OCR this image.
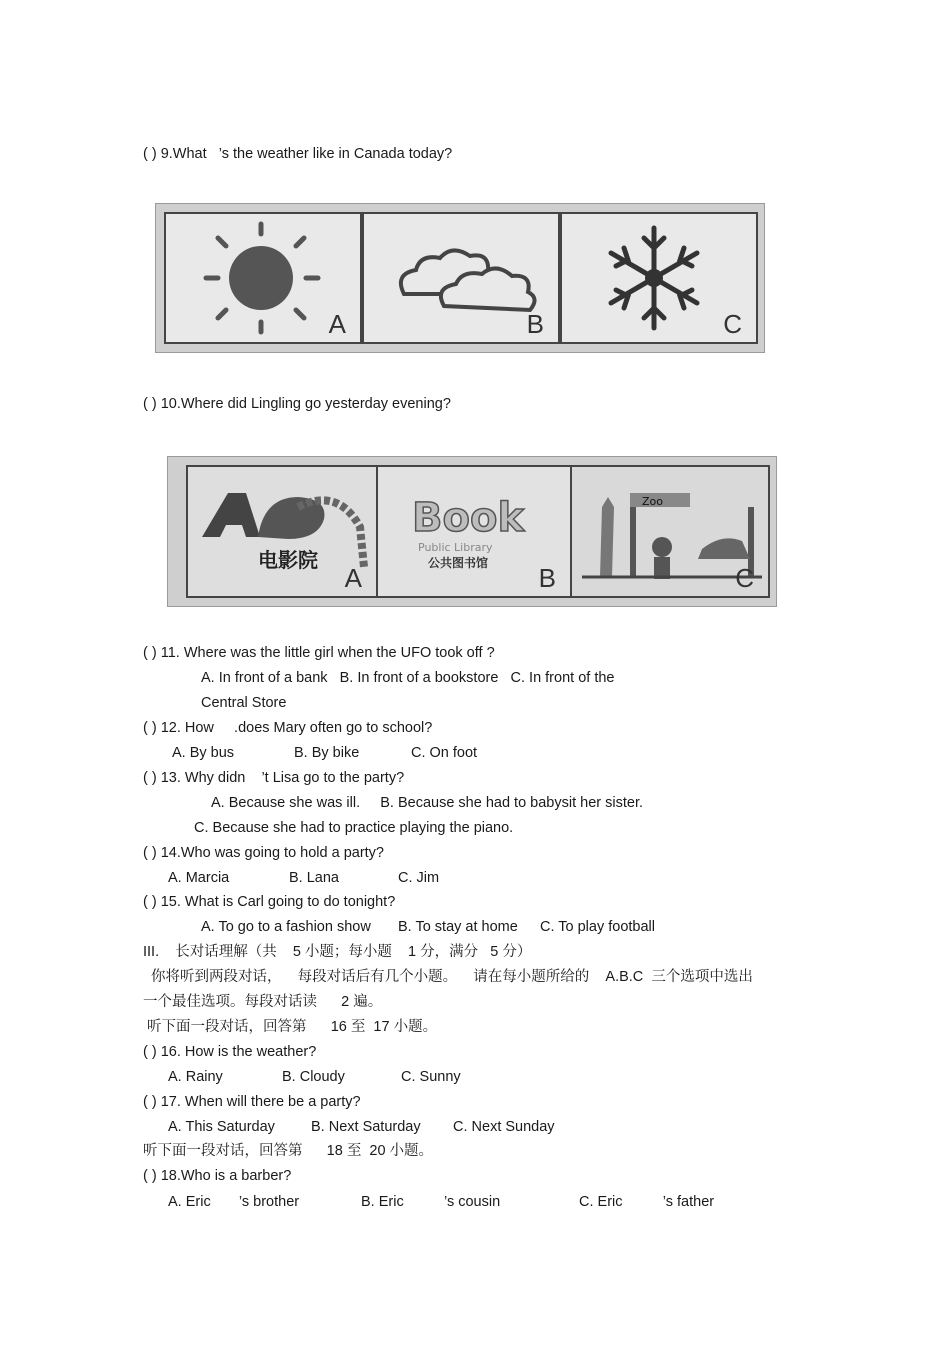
( ) 9.What   ’s the weather like in Canada today?
A	B	C
( ) 10.Where did Lingling go yesterday evening?
电影院
A
Book
Public Library
公共图书馆 B
Zoo
C
( ) 11. Where was the little girl when the UFO took off ?
A. In front of a bank   B. In front of a bookstore   C. In front of the
Central Store
( ) 12. How     .does Mary often go to school?
A. By bus	B. By bike	C. On foot
( ) 13. Why didn    ’t Lisa go to the party?
A. Because she was ill.     B. Because she had to babysit her sister.
C. Because she had to practice playing the piano.
( ) 14.Who was going to hold a party?
A. Marcia	B. Lana	C. Jim
( ) 15. What is Carl going to do tonight?
A. To go to a fashion show B. To stay at home C. To play football
III.    长对话理解（共    5 小题；每小题    1 分，满分   5 分）
你将听到两段对话，    每段对话后有几个小题。    请在每小题所给的    A.B.C  三个选项中选出
一个最佳选项。每段对话读      2 遍。
听下面一段对话，回答第      16 至  17 小题。
( ) 16. How is the weather?
A. Rainy	B. Cloudy	C. Sunny
( ) 17. When will there be a party?
A. This Saturday B. Next Saturday C. Next Sunday
听下面一段对话，回答第      18 至  20 小题。
( ) 18.Who is a barber?
A. Eric       ’s brother	B. Eric          ’s cousin	C. Eric          ’s father
